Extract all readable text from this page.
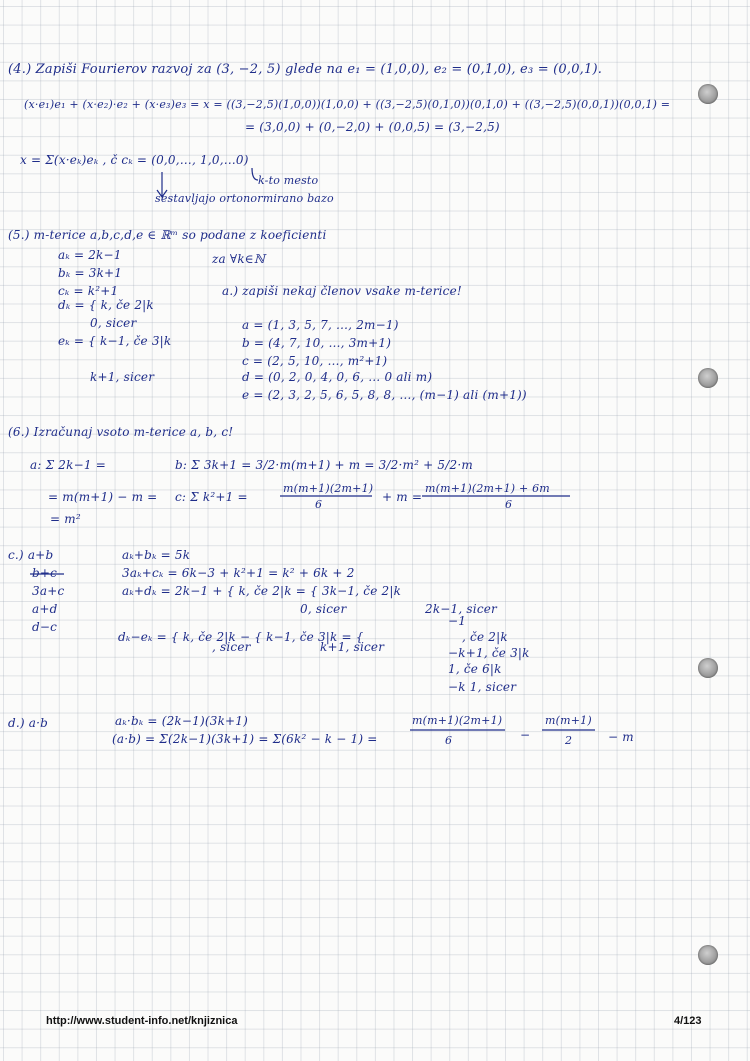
(4.) Zapiši Fourierov razvoj za (3, −2, 5) glede na e₁ = (1,0,0), e₂ = (0,1,0), e₃ = (0,0,1).
(x·e₁)e₁ + (x·e₂)·e₂ + (x·e₃)e₃ = x = ((3,−2,5)(1,0,0))(1,0,0) + ((3,−2,5)(0,1,0))(0,1,0) + ((3,−2,5)(0,0,1))(0,0,1) =
= (3,0,0) + (0,−2,0) + (0,0,5) = (3,−2,5)
x = Σ(x·eₖ)eₖ , č cₖ = (0,0,…, 1,0,…0)
k-to mesto
sestavljajo ortonormirano bazo
(5.) m-terice a,b,c,d,e ∈ ℝᵐ so podane z koeficienti
aₖ = 2k−1	za ∀k∈ℕ
bₖ = 3k+1
cₖ = k²+1	a.) zapiši nekaj členov vsake m-terice!
dₖ = { k, če 2|k
0, sicer	a = (1, 3, 5, 7, …, 2m−1)
eₖ = { k−1, če 3|k	b = (4, 7, 10, …, 3m+1)
c = (2, 5, 10, …, m²+1)
k+1, sicer	d = (0, 2, 0, 4, 0, 6, … 0 ali m)
e = (2, 3, 2, 5, 6, 5, 8, 8, …, (m−1) ali (m+1))
(6.) Izračunaj vsoto m-terice a, b, c!
a: Σ 2k−1 =	b: Σ 3k+1 = 3/2·m(m+1) + m = 3/2·m² + 5/2·m
= m(m+1) − m = c: Σ k²+1 =
m(m+1)(2m+1)
6
+ m =
m(m+1)(2m+1) + 6m
6
= m²
c.) a+b	aₖ+bₖ = 5k
b+c	3aₖ+cₖ = 6k−3 + k²+1 = k² + 6k + 2
3a+c	aₖ+dₖ = 2k−1 + { k, če 2|k = { 3k−1, če 2|k
0, sicer	2k−1, sicer
a+d
d−c
dₖ−eₖ = { k, če 2|k − { k−1, če 3|k = {
, sicer	k+1, sicer
−1
, če 2|k
−k+1, če 3|k
1, če 6|k
−k 1, sicer
d.) a·b	aₖ·bₖ = (2k−1)(3k+1)
(a·b) = Σ(2k−1)(3k+1) = Σ(6k² − k − 1) =
m(m+1)(2m+1)
6	−
m(m+1)
2	− m
http://www.student-info.net/knjiznica	4/123
